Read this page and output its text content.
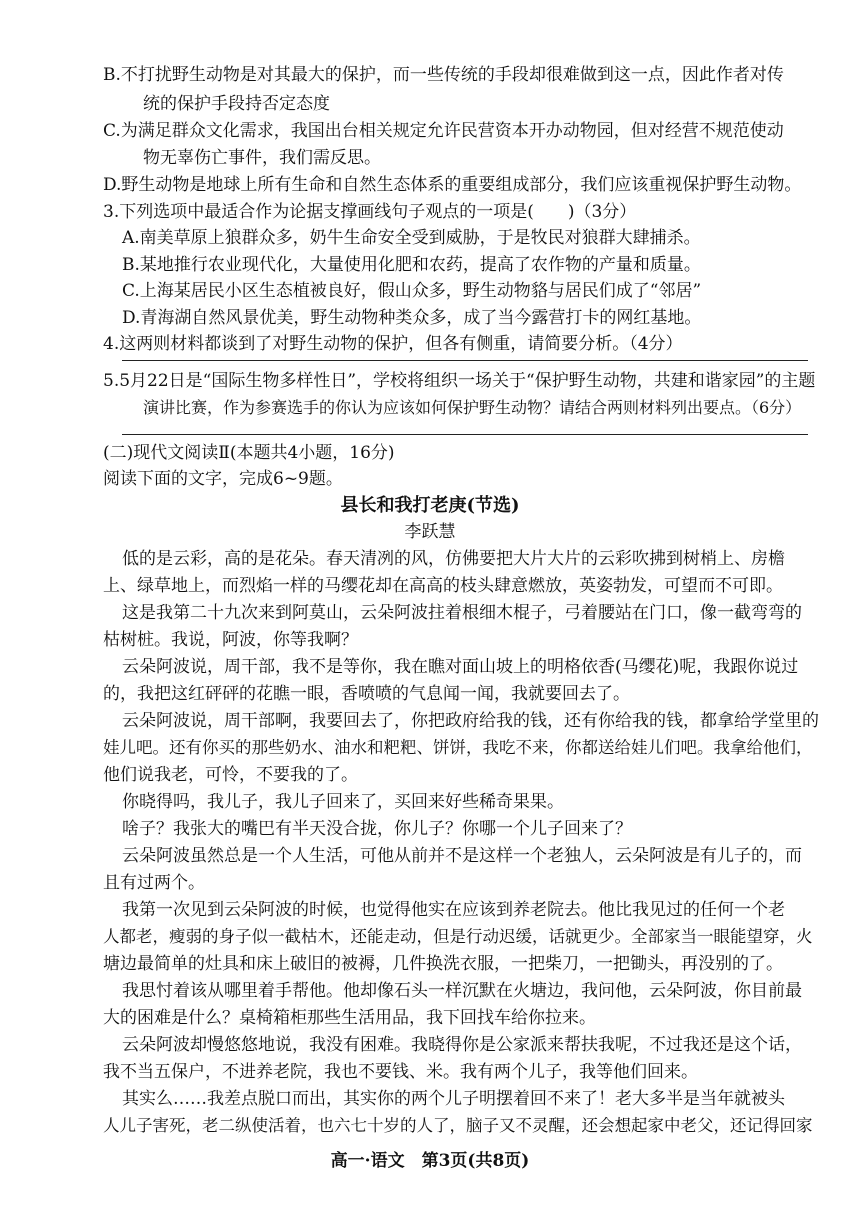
B.不打扰野生动物是对其最大的保护，而一些传统的手段却很难做到这一点，因此作者对传
统的保护手段持否定态度
C.为满足群众文化需求，我国出台相关规定允许民营资本开办动物园，但对经营不规范使动
物无辜伤亡事件，我们需反思。
D.野生动物是地球上所有生命和自然生态体系的重要组成部分，我们应该重视保护野生动物。
3.下列选项中最适合作为论据支撑画线句子观点的一项是(　　)（3分）
A.南美草原上狼群众多，奶牛生命安全受到威胁，于是牧民对狼群大肆捕杀。
B.某地推行农业现代化，大量使用化肥和农药，提高了农作物的产量和质量。
C.上海某居民小区生态植被良好，假山众多，野生动物貉与居民们成了“邻居”
D.青海湖自然风景优美，野生动物种类众多，成了当今露营打卡的网红基地。
4.这两则材料都谈到了对野生动物的保护，但各有侧重，请简要分析。（4分）
5.5月22日是“国际生物多样性日”，学校将组织一场关于“保护野生动物，共建和谐家园”的主题
演讲比赛，作为参赛选手的你认为应该如何保护野生动物？请结合两则材料列出要点。（6分）
(二)现代文阅读Ⅱ(本题共4小题，16分)
阅读下面的文字，完成6~9题。
县长和我打老庚(节选)
李跃慧
低的是云彩，高的是花朵。春天清冽的风，仿佛要把大片大片的云彩吹拂到树梢上、房檐
上、绿草地上，而烈焰一样的马缨花却在高高的枝头肆意燃放，英姿勃发，可望而不可即。
这是我第二十九次来到阿莫山，云朵阿波拄着根细木棍子，弓着腰站在门口，像一截弯弯的
枯树桩。我说，阿波，你等我啊？
云朵阿波说，周干部，我不是等你，我在瞧对面山坡上的明格依香(马缨花)呢，我跟你说过
的，我把这红砰砰的花瞧一眼，香喷喷的气息闻一闻，我就要回去了。
云朵阿波说，周干部啊，我要回去了，你把政府给我的钱，还有你给我的钱，都拿给学堂里的
娃儿吧。还有你买的那些奶水、油水和粑粑、饼饼，我吃不来，你都送给娃儿们吧。我拿给他们，
他们说我老，可怜，不要我的了。
你晓得吗，我儿子，我儿子回来了，买回来好些稀奇果果。
啥子？我张大的嘴巴有半天没合拢，你儿子？你哪一个儿子回来了？
云朵阿波虽然总是一个人生活，可他从前并不是这样一个老独人，云朵阿波是有儿子的，而
且有过两个。
我第一次见到云朵阿波的时候，也觉得他实在应该到养老院去。他比我见过的任何一个老
人都老，瘦弱的身子似一截枯木，还能走动，但是行动迟缓，话就更少。全部家当一眼能望穿，火
塘边最简单的灶具和床上破旧的被褥，几件换洗衣服，一把柴刀，一把锄头，再没别的了。
我思忖着该从哪里着手帮他。他却像石头一样沉默在火塘边，我问他，云朵阿波，你目前最
大的困难是什么？桌椅箱柜那些生活用品，我下回找车给你拉来。
云朵阿波却慢悠悠地说，我没有困难。我晓得你是公家派来帮扶我呢，不过我还是这个话，
我不当五保户，不进养老院，我也不要钱、米。我有两个儿子，我等他们回来。
其实么……我差点脱口而出，其实你的两个儿子明摆着回不来了！老大多半是当年就被头
人儿子害死，老二纵使活着，也六七十岁的人了，脑子又不灵醒，还会想起家中老父，还记得回家
高一·语文　第3页(共8页)
